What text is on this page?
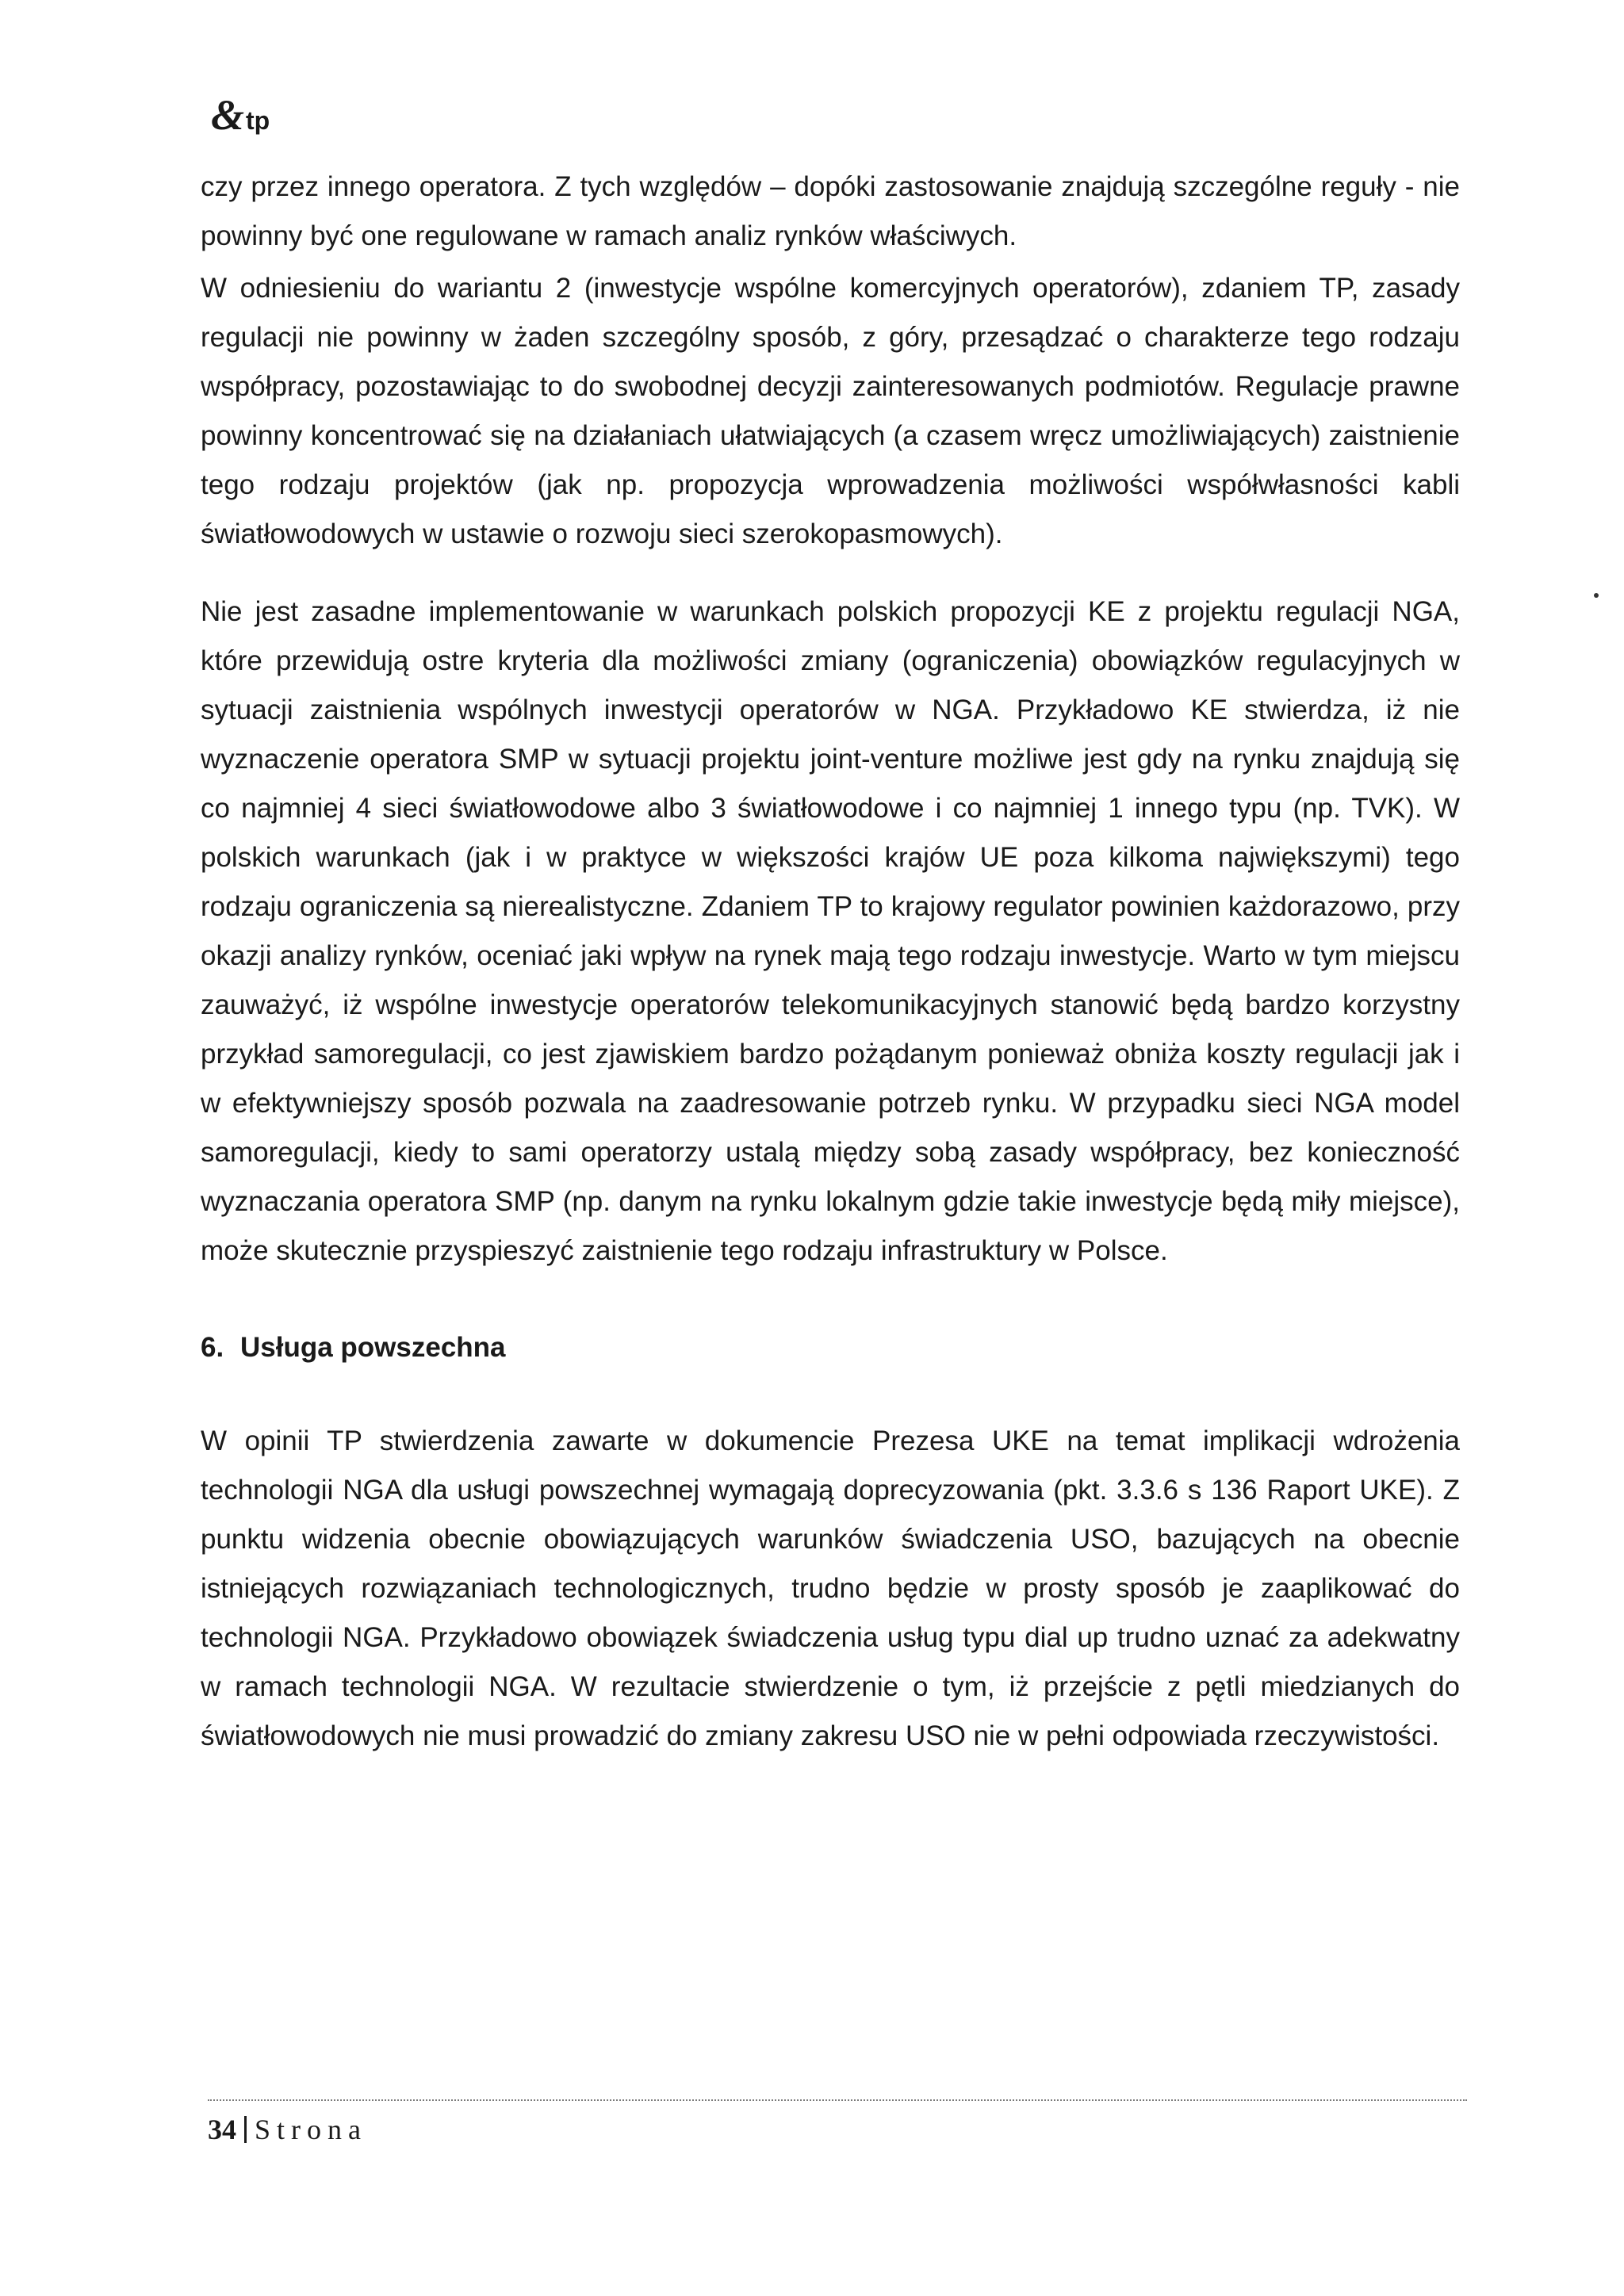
& tp

czy przez innego operatora. Z tych względów – dopóki zastosowanie znajdują szczególne reguły - nie powinny być one regulowane w ramach analiz rynków właściwych.

W odniesieniu do wariantu 2 (inwestycje wspólne komercyjnych operatorów), zdaniem TP, zasady regulacji nie powinny w żaden szczególny sposób, z góry, przesądzać o charakterze tego rodzaju współpracy, pozostawiając to do swobodnej decyzji zainteresowanych podmiotów. Regulacje prawne powinny koncentrować się na działaniach ułatwiających (a czasem wręcz umożliwiających) zaistnienie tego rodzaju projektów (jak np. propozycja wprowadzenia możliwości współwłasności kabli światłowodowych w ustawie o rozwoju sieci szerokopasmowych).

Nie jest zasadne implementowanie w warunkach polskich propozycji KE z projektu regulacji NGA, które przewidują ostre kryteria dla możliwości zmiany (ograniczenia) obowiązków regulacyjnych w sytuacji zaistnienia wspólnych inwestycji operatorów w NGA. Przykładowo KE stwierdza, iż nie wyznaczenie operatora SMP w sytuacji projektu joint-venture możliwe jest gdy na rynku znajdują się co najmniej 4 sieci światłowodowe albo 3 światłowodowe i co najmniej 1 innego typu (np. TVK). W polskich warunkach (jak i w praktyce w większości krajów UE poza kilkoma największymi) tego rodzaju ograniczenia są nierealistyczne. Zdaniem TP to krajowy regulator powinien każdorazowo, przy okazji analizy rynków, oceniać jaki wpływ na rynek mają tego rodzaju inwestycje. Warto w tym miejscu zauważyć, iż wspólne inwestycje operatorów telekomunikacyjnych stanowić będą bardzo korzystny przykład samoregulacji, co jest zjawiskiem bardzo pożądanym ponieważ obniża koszty regulacji jak i w efektywniejszy sposób pozwala na zaadresowanie potrzeb rynku. W przypadku sieci NGA model samoregulacji, kiedy to sami operatorzy ustalą między sobą zasady współpracy, bez konieczność wyznaczania operatora SMP (np. danym na rynku lokalnym gdzie takie inwestycje będą miły miejsce), może skutecznie przyspieszyć zaistnienie tego rodzaju infrastruktury w Polsce.

6. Usługa powszechna

W opinii TP stwierdzenia zawarte w dokumencie Prezesa UKE na temat implikacji wdrożenia technologii NGA dla usługi powszechnej wymagają doprecyzowania (pkt. 3.3.6 s 136 Raport UKE). Z punktu widzenia obecnie obowiązujących warunków świadczenia USO, bazujących na obecnie istniejących rozwiązaniach technologicznych, trudno będzie w prosty sposób je zaaplikować do technologii NGA. Przykładowo obowiązek świadczenia usług typu dial up trudno uznać za adekwatny w ramach technologii NGA. W rezultacie stwierdzenie o tym, iż przejście z pętli miedzianych do światłowodowych nie musi prowadzić do zmiany zakresu USO nie w pełni odpowiada rzeczywistości.

34 Strona
